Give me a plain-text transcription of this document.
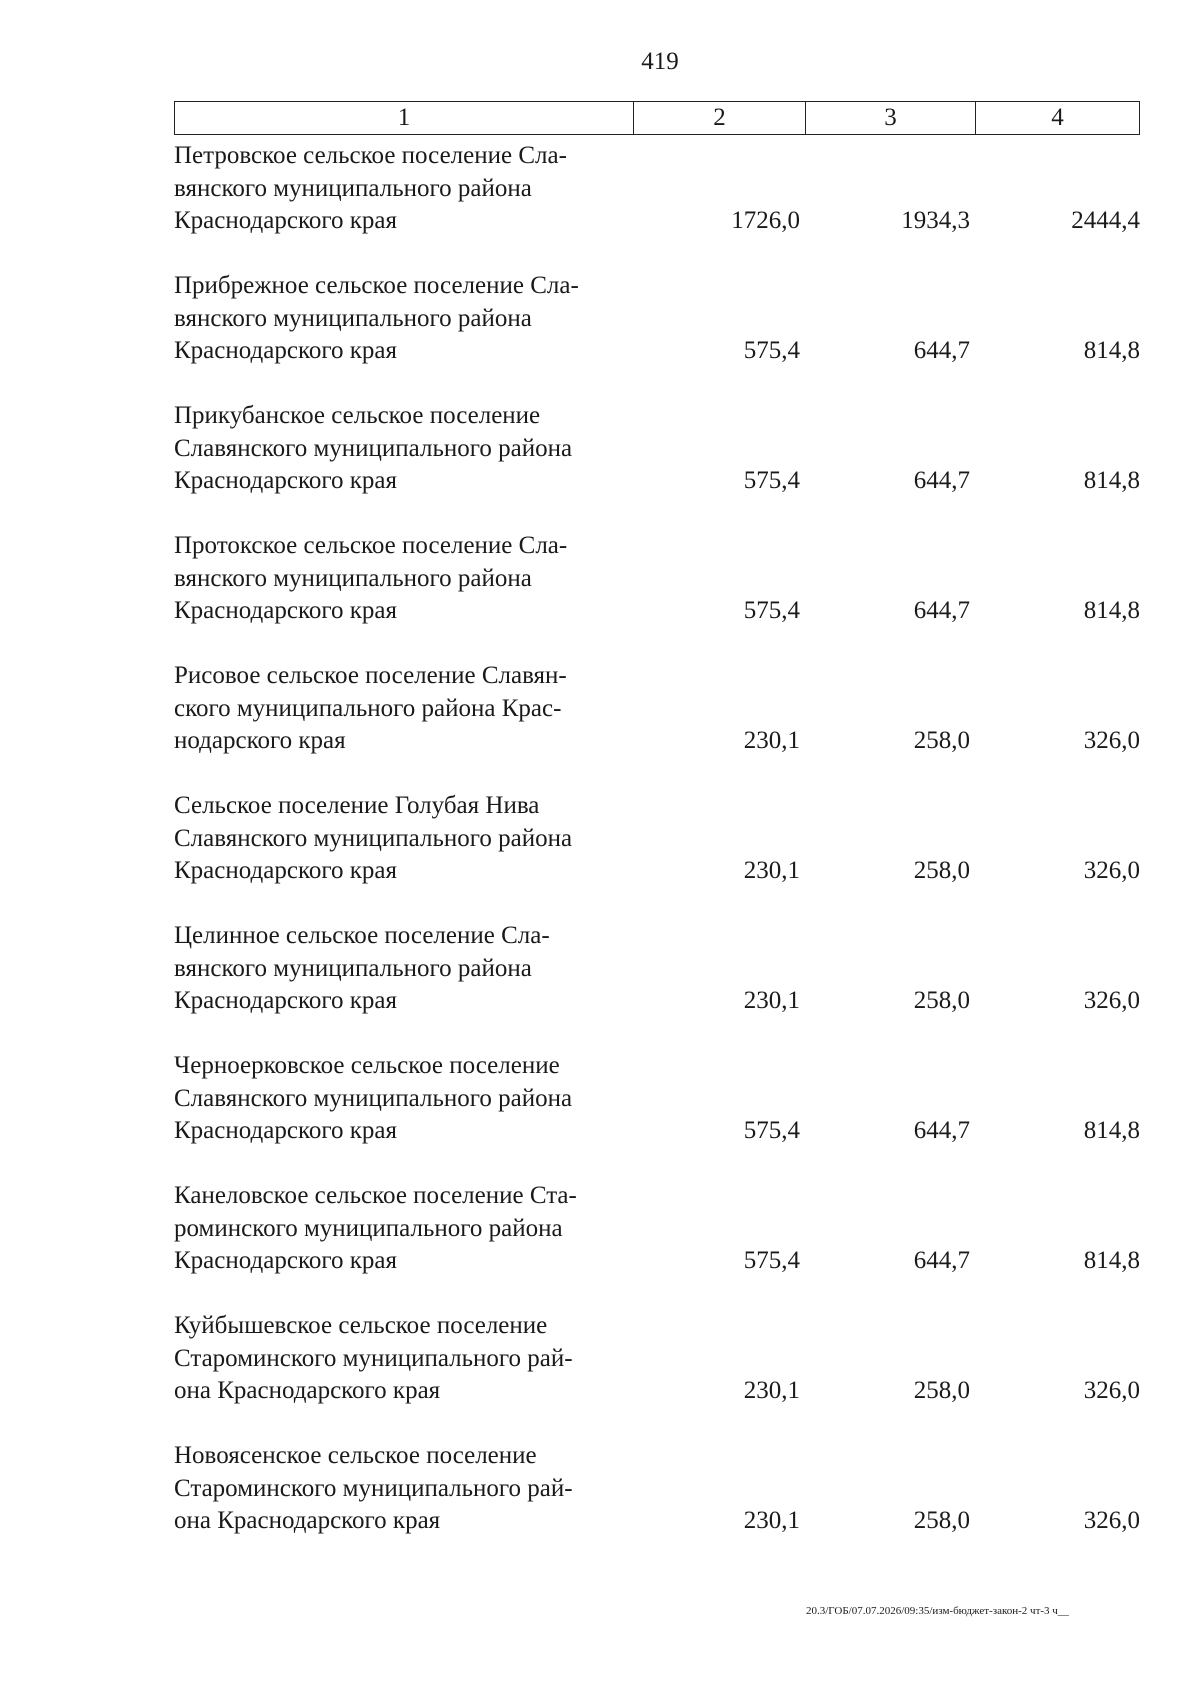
419
1	2	3	4
Петровское сельское поселение Сла-
вянского муниципального района
Краснодарского края	1726,0	1934,3	2444,4
Прибрежное сельское поселение Сла-
вянского муниципального района
Краснодарского края	575,4	644,7	814,8
Прикубанское сельское поселение
Славянского муниципального района
Краснодарского края	575,4	644,7	814,8
Протокское сельское поселение Сла-
вянского муниципального района
Краснодарского края	575,4	644,7	814,8
Рисовое сельское поселение Славян-
ского муниципального района Крас-
нодарского края	230,1	258,0	326,0
Сельское поселение Голубая Нива
Славянского муниципального района
Краснодарского края	230,1	258,0	326,0
Целинное сельское поселение Сла-
вянского муниципального района
Краснодарского края	230,1	258,0	326,0
Черноерковское сельское поселение
Славянского муниципального района
Краснодарского края	575,4	644,7	814,8
Канеловское сельское поселение Ста-
роминского муниципального района
Краснодарского края	575,4	644,7	814,8
Куйбышевское сельское поселение
Староминского муниципального рай-
она Краснодарского края	230,1	258,0	326,0
Новоясенское сельское поселение
Староминского муниципального рай-
она Краснодарского края	230,1	258,0	326,0
20.3/ГОБ/07.07.2026/09:35/изм-бюджет-закон-2 чт-3 ч__
